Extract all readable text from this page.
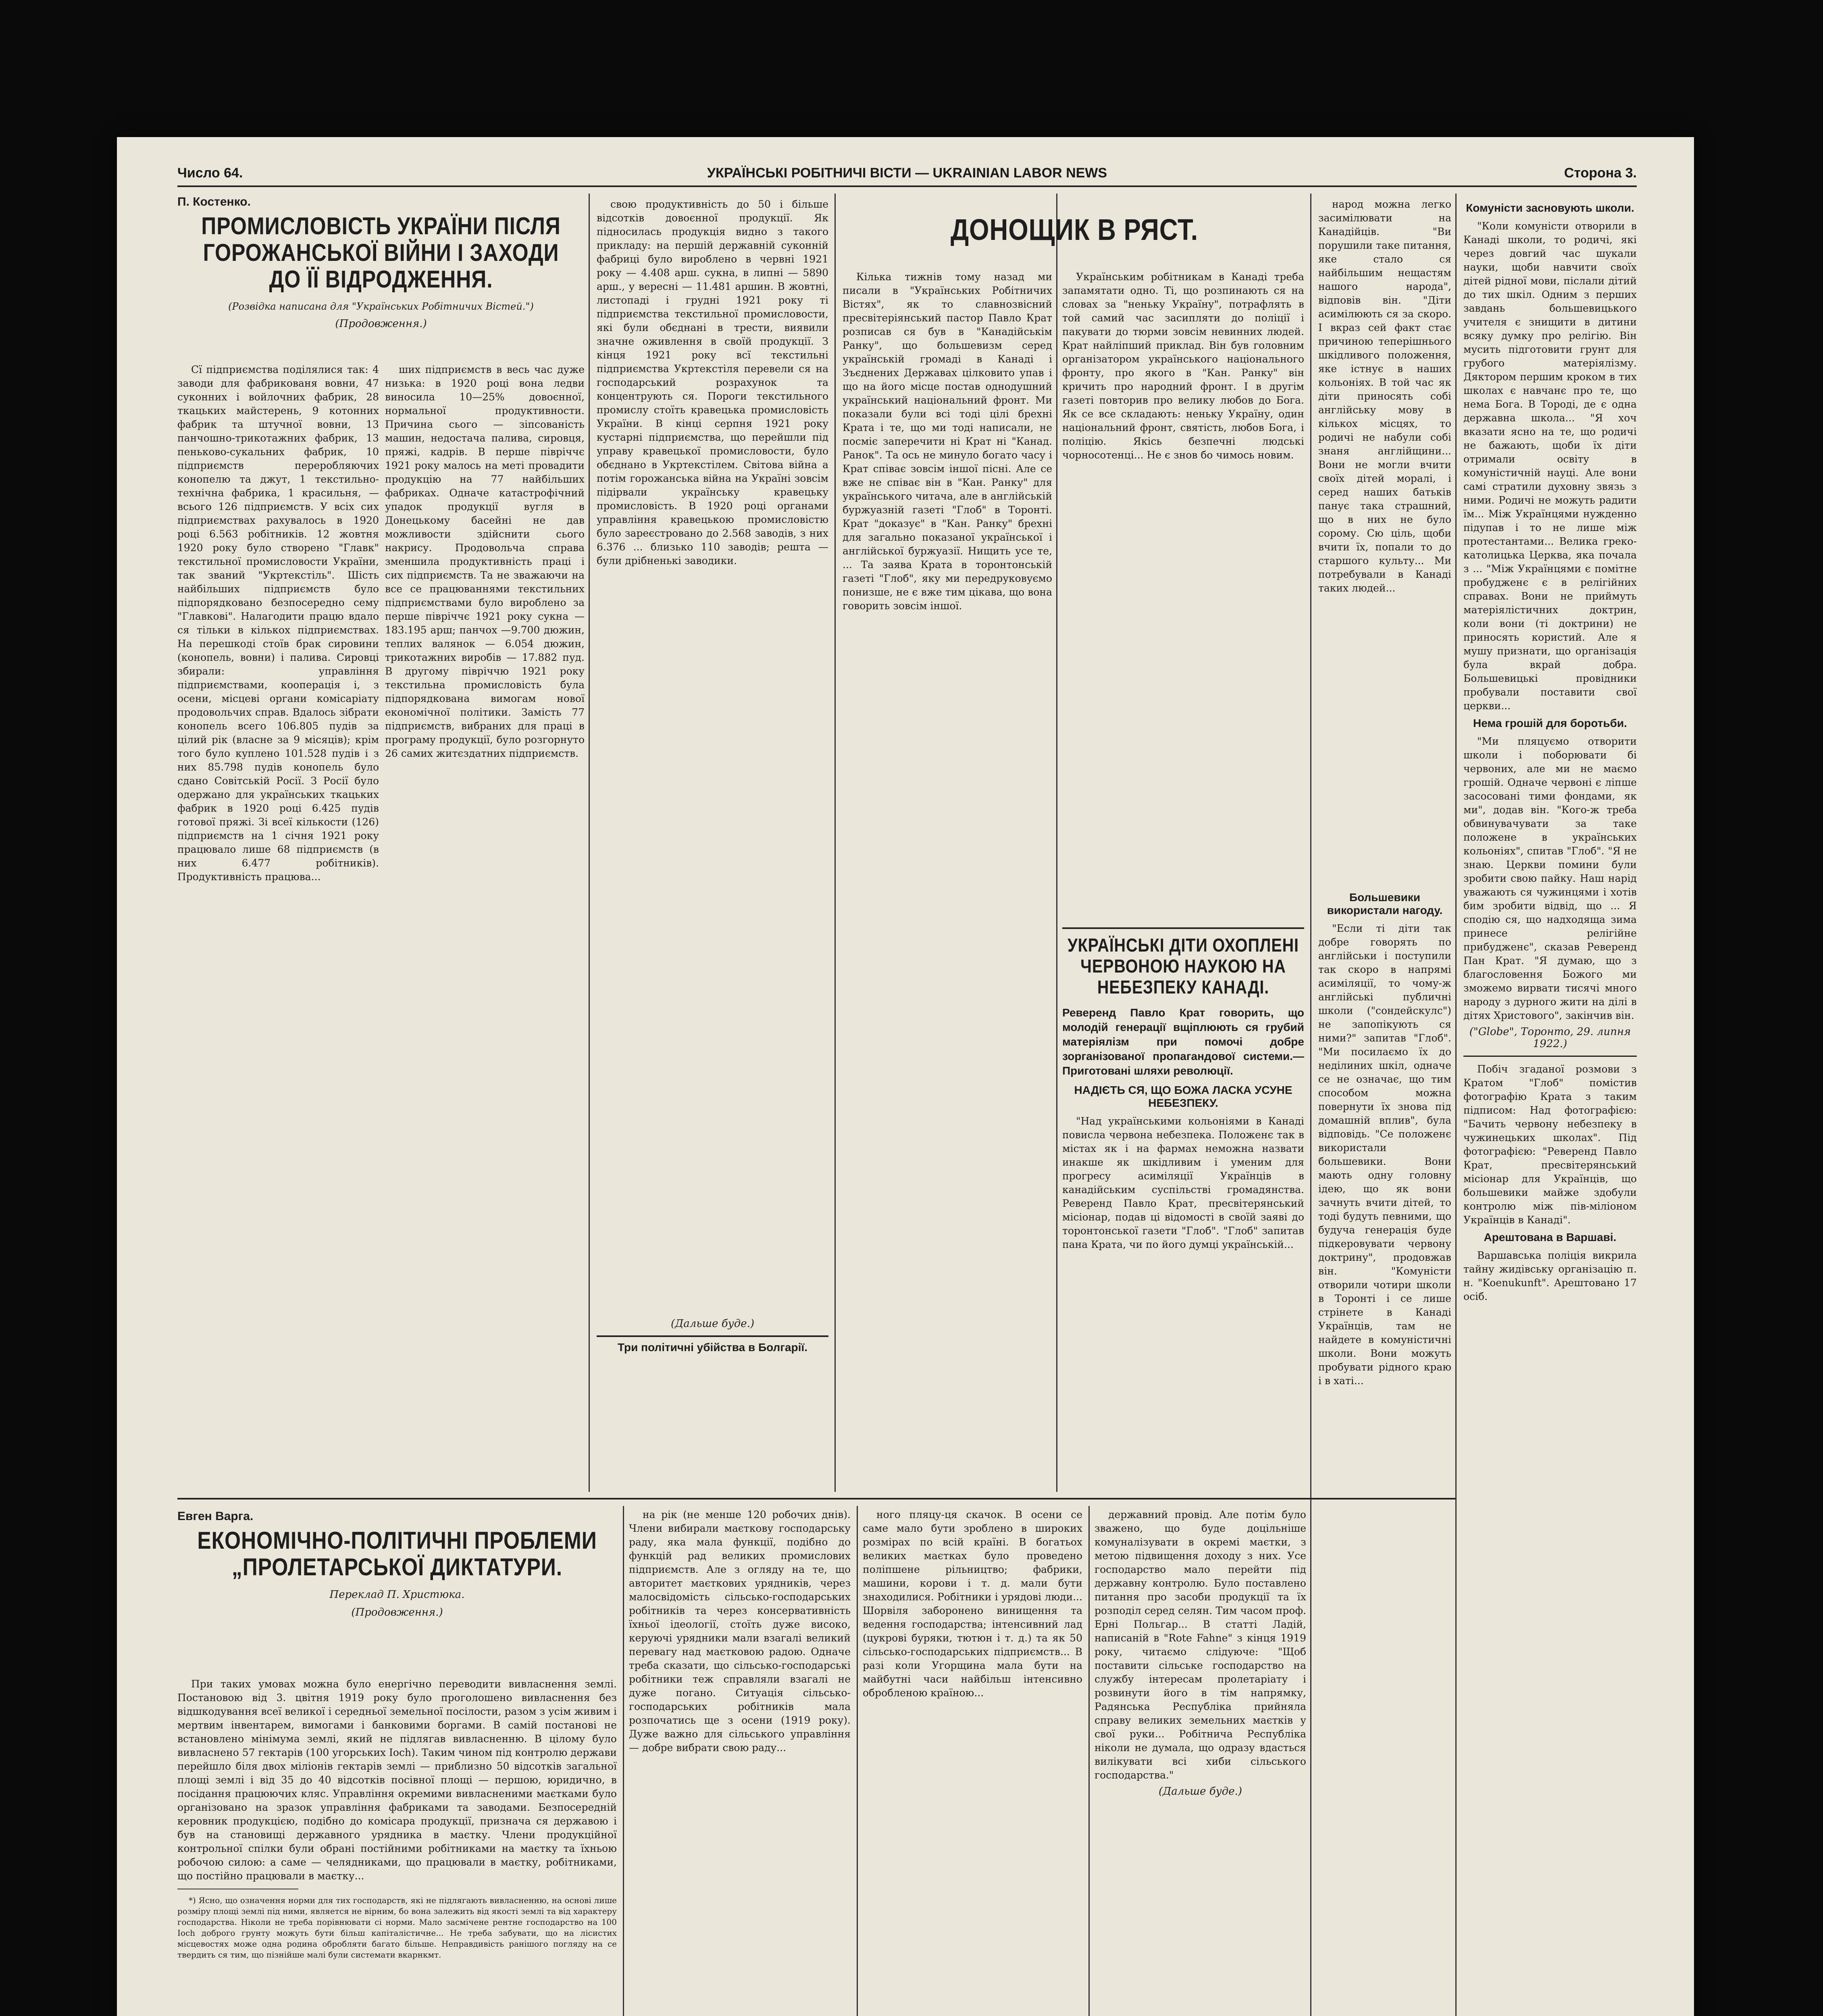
Число 64.	УКРАЇНСЬКІ РОБІТНИЧІ ВІСТИ — UKRAINIAN LABOR NEWS	Сторона 3.
П. Костенко.
ПРОМИСЛОВІСТЬ УКРАЇНИ ПІСЛЯ ГОРОЖАНСЬКОЇ ВІЙНИ І ЗАХОДИ ДО ЇЇ ВІДРОДЖЕННЯ.
(Розвідка написана для "Українських Робітничих Вістей.")
(Продовження.)

Сї підприємства поділялися так: 4 заводи для фабрикованя вовни, 47 суконних і войлочних фабрик, 28 ткацьких майстерень, 9 котонних фабрик та штучної вовни, 13 панчошно-трикотажних фабрик, 13 пеньково-сукальних фабрик, 10 підприємств переробляючих конопелю та джут, 1 текстильно-технічна фабрика, 1 красильня, — всього 126 підприємств. У всіх сих підприємствах рахувалось в 1920 році 6.563 робітників. 12 жовтня 1920 року було створено "Главк" текстильної промисловости України, так званий "Укртекстіль". Шість найбільших підприємств було підпорядковано безпосередно сему "Главкові". Налагодити працю вдало ся тільки в кількох підприємствах. На перешкоді стоїв брак сировини (конопель, вовни) і палива. Сировці збирали: управління підприємствами, кооперація і, з осени, місцеві органи комісаріату продовольчих справ. Вдалось зібрати конопель всего 106.805 пудів за цілий рік (власне за 9 місяців); крім того було куплено 101.528 пудів і з них 85.798 пудів конопель було сдано Совітській Росії. З Росії було одержано для українських ткацьких фабрик в 1920 році 6.425 пудів готової пряжі. Зі всеї кількости (126) підприємств на 1 січня 1921 року працювало лише 68 підприємств (в них 6.477 робітників). Продуктивність працюва...

ших підприємств в весь час дуже низька: в 1920 році вона ледви виносила 10—25% довоєнної, нормальної продуктивности. Причина сього — зіпсованість машин, недостача палива, сировця, пряжі, кадрів. В перше півріччє 1921 року малось на меті провадити продукцію на 77 найбільших фабриках. Одначе катастрофічний упадок продукції вугля в Донецькому басейні не дав можливости здійснити сього накрису. Продовольча справа зменшила продуктивність праці і сих підприємств. Та не зважаючи на все се працюваннями текстильних підприємствами було вироблено за перше півріччє 1921 року сукна — 183.195 арш; панчох —9.700 дюжин, теплих валянок — 6.054 дюжин, трикотажних виробів — 17.882 пуд. В другому півріччю 1921 року текстильна промисловість була підпорядкована вимогам нової економічної політики. Замість 77 підприємств, вибраних для праці в програму продукції, було розгорнуто 26 самих житєздатних підприємств.

свою продуктивність до 50 і більше відсотків довоєнної продукції. Як підносилась продукція видно з такого прикладу: на першій державній суконній фабриці було вироблено в червні 1921 року — 4.408 арш. сукна, в липні — 5890 арш., у вересні — 11.481 аршин. В жовтні, листопаді і грудні 1921 року ті підприємства текстильної промисловости, які були обєднані в трести, виявили значне оживлення в своїй продукції. З кінця 1921 року всї текстильні підприємства Укртекстіля перевели ся на господарський розрахунок та концентрують ся. Пороги текстильного промислу стоїть кравецька промисловість України. В кінці серпня 1921 року кустарні підприємства, що перейшли під управу кравецької промисловости, було обєднано в Укртекстілем. Світова війна а потім горожанська війна на Україні зовсім підірвали українську кравецьку промисловість. В 1920 році органами управління кравецькою промисловістю було зареєстровано до 2.568 заводів, з них 6.376 ... близько 110 заводів; решта — були дрібненькі заводики.

(Дальше буде.)
Три політичні убійства в Болгарії.
ДОНОЩИК В РЯСТ.

Кілька тижнів тому назад ми писали в "Українських Робітничих Вістях", як то славнозвісний пресвітеріянський пастор Павло Крат розписав ся був в "Канадійськім Ранку", що большевизм серед українській громаді в Канаді і Зъєднених Державах цілковито упав і що на його місце постав однодушний український національний фронт. Ми показали були всі тоді цілі брехні Крата і те, що ми тоді написали, не посміє заперечити ні Крат ні "Канад. Ранок". Та ось не минуло богато часу і Крат співає зовсім іншої пісні. Але се вже не співає він в "Кан. Ранку" для українського читача, але в англійській буржуазній газеті "Глоб" в Торонті. Крат "доказує" в "Кан. Ранку" брехні для загально показаної української і англійської буржуазії. Нищить усе те, ... Та заява Крата в торонтонській газеті "Глоб", яку ми передруковуємо понизше, не є вже тим цікава, що вона говорить зовсім іншої.

Українським робітникам в Канаді треба запамятати одно. Ті, що розпинають ся на словах за "неньку Україну", потрафлять в той самий час засипляти до поліції і пакувати до тюрми зовсім невинних людей. Крат найліпший приклад. Він був головним організатором українського національного фронту, про якого в "Кан. Ранку" він кричить про народний фронт. І в другім газеті повторив про велику любов до Бога. Як се все складають: неньку Україну, один національний фронт, святість, любов Бога, і поліцію. Якісь безпечні людські чорносотенці... Не є знов бо чимось новим.

УКРАЇНСЬКІ ДІТИ ОХОПЛЕНІ ЧЕРВОНОЮ НАУКОЮ НА НЕБЕЗПЕКУ КАНАДІ.
Реверенд Павло Крат говорить, що молодій генерації вщіплюють ся грубий матеріялізм при помочі добре зорганізованої пропагандової системи.—Приготовані шляхи революції.
НАДІЄТЬ СЯ, ЩО БОЖА ЛАСКА УСУНЕ НЕБЕЗПЕКУ.

"Над українськими кольоніями в Канаді повисла червона небезпека. Положенє так в містах як і на фармах неможна назвати инакше як шкідливим і уменим для прогресу асиміляції Українців в канадійським суспільстві громадянства. Реверенд Павло Крат, пресвітерянський місіонар, подав ці відомості в своїй заяві до торонтонської газети "Глоб". "Глоб" запитав пана Крата, чи по його думці українській...

народ можна легко засимілювати на Канадійців. "Ви порушили таке питання, яке стало ся найбільшим нещастям нашого народа", відповів він. "Діти асимілюють ся за скоро. І вкраз сей факт стає причиною теперішнього шкідливого положення, яке істнує в наших кольоніях. В той час як діти приносять собі англійську мову в кількох місцях, то родичі не набули собі знаня англійщини... Вони не могли вчити своїх дітей моралі, і серед наших батьків панує така страшний, що в них не було сорому. Сю ціль, щоби вчити їх, попали то до старшого культу... Ми потребували в Канаді таких людей...

Большевики використали нагоду.

"Если ті діти так добре говорять по англійськи і поступили так скоро в напрямі асиміляції, то чому-ж англійські публичні школи ("сондейскулс") не запопікують ся ними?" запитав "Глоб". "Ми посилаємо їх до неділиних шкіл, одначе се не означає, що тим способом можна повернути їх знова під домашній вплив", була відповідь. "Се положенє використали большевики. Вони мають одну головну ідею, що як вони зачнуть вчити дітей, то тоді будуть певними, що будуча генерація буде підкеровувати червону доктрину", продовжав він. "Комуністи отворили чотири школи в Торонті і се лише стрінете в Канаді Українців, там не найдете в комуністичні школи. Вони можуть пробувати рідного краю і в хаті...

Комуністи засновують школи.

"Коли комуністи отворили в Канаді школи, то родичі, які через довгий час шукали науки, щоби навчити своїх дітей рідної мови, післали дітий до тих шкіл. Одним з перших завдань большевицького учителя є знищити в дитини всяку думку про релігію. Він мусить підготовити грунт для грубого матеріялізму. Дяктором першим кроком в тих школах є навчанє про те, що нема Бога. В Тороді, де є одна державна школа... "Я хоч вказати ясно на те, що родичі не бажають, щоби їх діти отримали освіту в комуністичній науці. Але вони самі стратили духовну звязь з ними. Родичі не можуть радити їм... Між Українцями нужденно підупав і то не лише між протестантами... Велика греко-католицька Церква, яка почала з ... "Між Українцями є помітне пробудженє є в релігійних справах. Вони не приймуть матеріялістичних доктрин, коли вони (ті доктрини) не приносять користий. Але я мушу признати, що організація була вкрай добра. Большевицькі провідники пробували поставити свої церкви...

Нема грошій для боротьби.

"Ми пляцуємо отворити школи і поборювати бі червоних, але ми не маємо грошій. Одначе червоні є ліпше засосовані тими фондами, як ми", додав він. "Кого-ж треба обвинувачувати за таке положене в українських кольоніях", спитав "Глоб". "Я не знаю. Церкви помини були зробити свою пайку. Наш нарід уважають ся чужинцями і хотів бим зробити відвід, що ... Я сподію ся, що надходяща зима принесе релігійне прибудженє", сказав Реверенд Пан Крат. "Я думаю, що з благословення Божого ми зможемо вирвати тисячі много народу з дурного жити на ділі в дітях Христового", закінчив він.

("Globe", Торонто, 29. липня 1922.)

Побіч згаданої розмови з Кратом "Глоб" помістив фотографію Крата з таким підписом: Над фотографією: "Бачить червону небезпеку в чужинецьких школах". Під фотографією: "Реверенд Павло Крат, пресвітерянський місіонар для Українців, що большевики майже здобули контролю між пів-міліоном Українців в Канаді".

Арештована в Варшаві.

Варшавська поліція викрила тайну жидівську організацію п. н. "Koenukunft". Арештовано 17 осіб.

Евген Варга.
ЕКОНОМІЧНО-ПОЛІТИЧНІ ПРОБЛЕМИ „ПРОЛЕТАРСЬКОЇ ДИКТАТУРИ.
Переклад П. Христюка.
(Продовження.)

При таких умовах можна було енергічно переводити вивласнення землі. Постановою від 3. цвітня 1919 року було проголошено вивласнення без відшкодування всеї великої і середньої земельної посілости, разом з усім живим і мертвим інвентарем, вимогами і банковими боргами. В самій постанові не встановлено мінімума землі, який не підлягав вивласненню. В цілому було вивласнено 57 гектарів (100 угорських Іоch). Таким чином під контролю держави перейшло біля двох міліонів гектарів землі — приблизно 50 відсотків загальної площі землі і від 35 до 40 відсотків посівної площі — першою, юридично, в посідання працюючих кляс. Управління окремими вивласненими маєтками було організовано на зразок управління фабриками та заводами. Безпосередній керовник продукцією, подібно до комісара продукції, признача ся державою і був на становищі державного урядника в маєтку. Члени продукційної контрольної спілки були обрані постійними робітниками на маєтку та їхньою робочою силою: а саме — челядниками, що працювали в маєтку, робітниками, що постійно працювали в маєтку...

*) Ясно, що означення норми для тих господарств, які не підлягають вивласненню, на основі лише розміру площі землі під ними, является не вірним, бо вона залежить від якості землі та від характеру господарства. Ніколи не треба порівнювати сі норми. Мало засмічене рентне господарство на 100 Іоch доброго грунту можуть бути більш капіталістичне... Не треба забувати, що на лісистих місцевостях може одна родина обробляти багато більше. Неправдивість ранішого погляду на се твердить ся тим, що пізнійше малі були системати вкарнкмт.

на рік (не менше 120 робочих днів). Члени вибирали маєткову господарську раду, яка мала функції, подібно до функцій рад великих промислових підприємств. Але з огляду на те, що авторитет маєткових урядників, через малосвідомість сільсько-господарських робітників та через консервативність їхньої ідеології, стоїть дуже високо, керуючі урядники мали взагалі великий перевагу над маєтковою радою. Одначе треба сказати, що сільсько-господарські робітники теж справляли взагалі не дуже погано. Ситуація сільсько-господарських робітників мала розпочатись ще з осени (1919 року). Дуже важно для сільського управління — добре вибрати свою раду...

ного пляцу-ця скачок. В осени се саме мало бути зроблено в широких розмірах по всій країні. В богатьох великих маєтках було проведено поліпшене рільництво; фабрики, машини, корови і т. д. мали бути знаходилися. Робітники і урядові люди... Шорвіля заборонено винищення та ведення господарства; інтенсивний лад (цукрові буряки, тютюн і т. д.) та як 50 сільсько-господарських підприємств... В разі коли Угорщина мала бути на майбутні часи найбільш інтенсивно обробленою країною...

державний провід. Але потім було зважено, що буде доцільніше комуналізувати в окремі маєтки, з метою підвищення доходу з них. Усе господарство мало перейти під державну контролю. Було поставлено питання про засоби продукції та їх розподіл серед селян. Тим часом проф. Ерні Польгар... В статті Ладій, написаній в "Rote Fahne" з кінця 1919 року, читаємо слідуюче: "Щоб поставити сільське господарство на службу інтересам пролетаріату і розвинути його в тім напрямку, Радянська Республіка прийняла справу великих земельних маєтків у свої руки... Робітнича Республіка ніколи не думала, що одразу вдасться вилікувати всі хиби сільського господарства."

(Дальше буде.)
